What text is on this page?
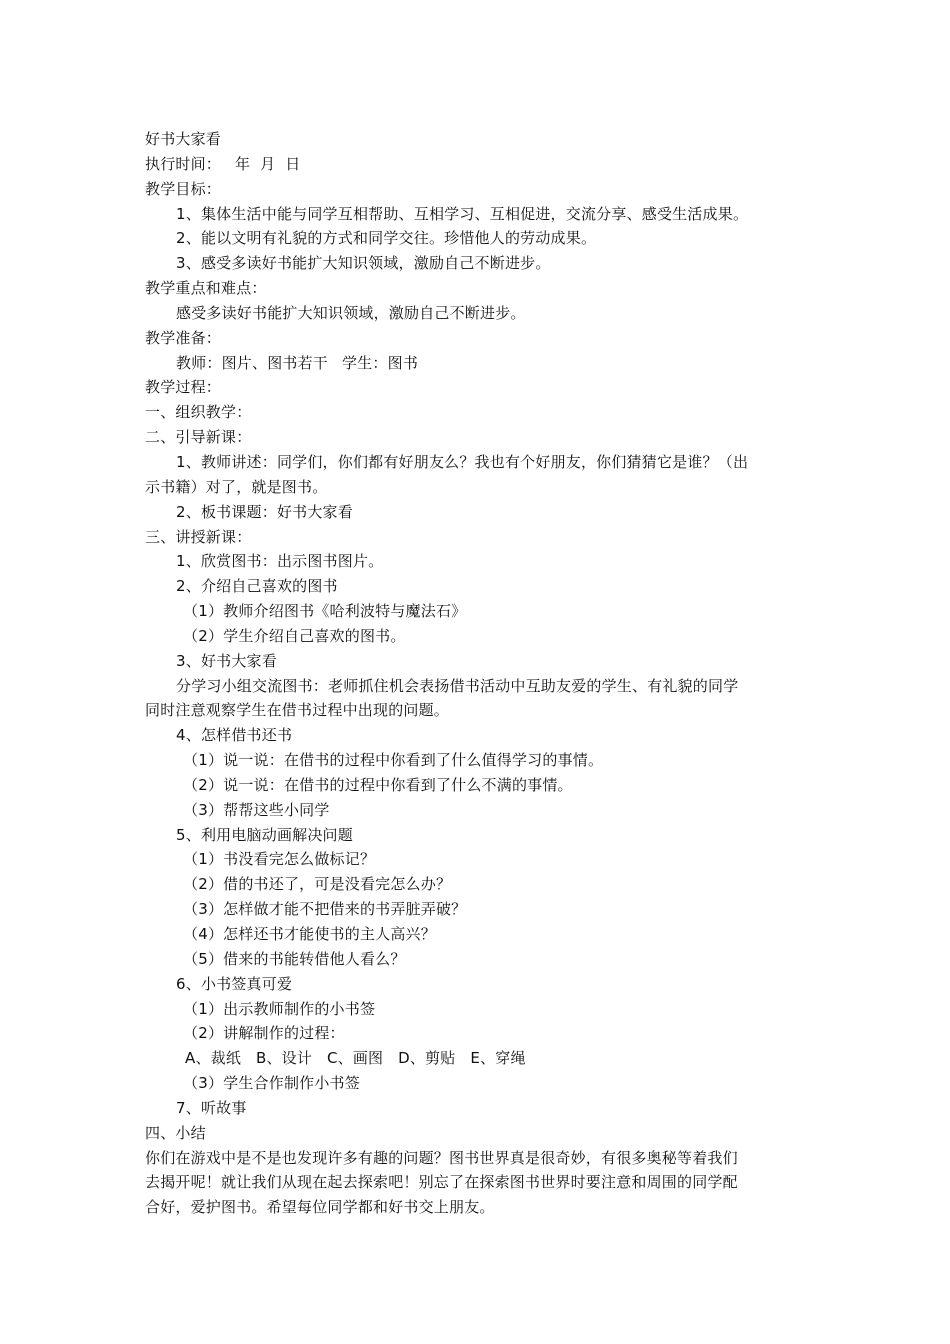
好书大家看
执行时间： 年  月  日
教学目标：
1、集体生活中能与同学互相帮助、互相学习、互相促进，交流分享、感受生活成果。
2、能以文明有礼貌的方式和同学交往。珍惜他人的劳动成果。
3、感受多读好书能扩大知识领域，激励自己不断进步。
教学重点和难点：
感受多读好书能扩大知识领域，激励自己不断进步。
教学准备：
教师：图片、图书若干 学生：图书
教学过程：
一、组织教学：
二、引导新课：
1、教师讲述：同学们，你们都有好朋友么？我也有个好朋友，你们猜猜它是谁？（出
示书籍）对了，就是图书。
2、板书课题：好书大家看
三、讲授新课：
1、欣赏图书：出示图书图片。
2、介绍自己喜欢的图书
（1）教师介绍图书《哈利波特与魔法石》
（2）学生介绍自己喜欢的图书。
3、好书大家看
分学习小组交流图书：老师抓住机会表扬借书活动中互助友爱的学生、有礼貌的同学
同时注意观察学生在借书过程中出现的问题。
4、怎样借书还书
（1）说一说：在借书的过程中你看到了什么值得学习的事情。
（2）说一说：在借书的过程中你看到了什么不满的事情。
（3）帮帮这些小同学
5、利用电脑动画解决问题
（1）书没看完怎么做标记？
（2）借的书还了，可是没看完怎么办？
（3）怎样做才能不把借来的书弄脏弄破？
（4）怎样还书才能使书的主人高兴？
（5）借来的书能转借他人看么？
6、小书签真可爱
（1）出示教师制作的小书签
（2）讲解制作的过程：
A、裁纸   B、设计   C、画图   D、剪贴   E、穿绳
（3）学生合作制作小书签
7、听故事
四、小结
你们在游戏中是不是也发现许多有趣的问题？图书世界真是很奇妙，有很多奥秘等着我们
去揭开呢！就让我们从现在起去探索吧！别忘了在探索图书世界时要注意和周围的同学配
合好，爱护图书。希望每位同学都和好书交上朋友。
